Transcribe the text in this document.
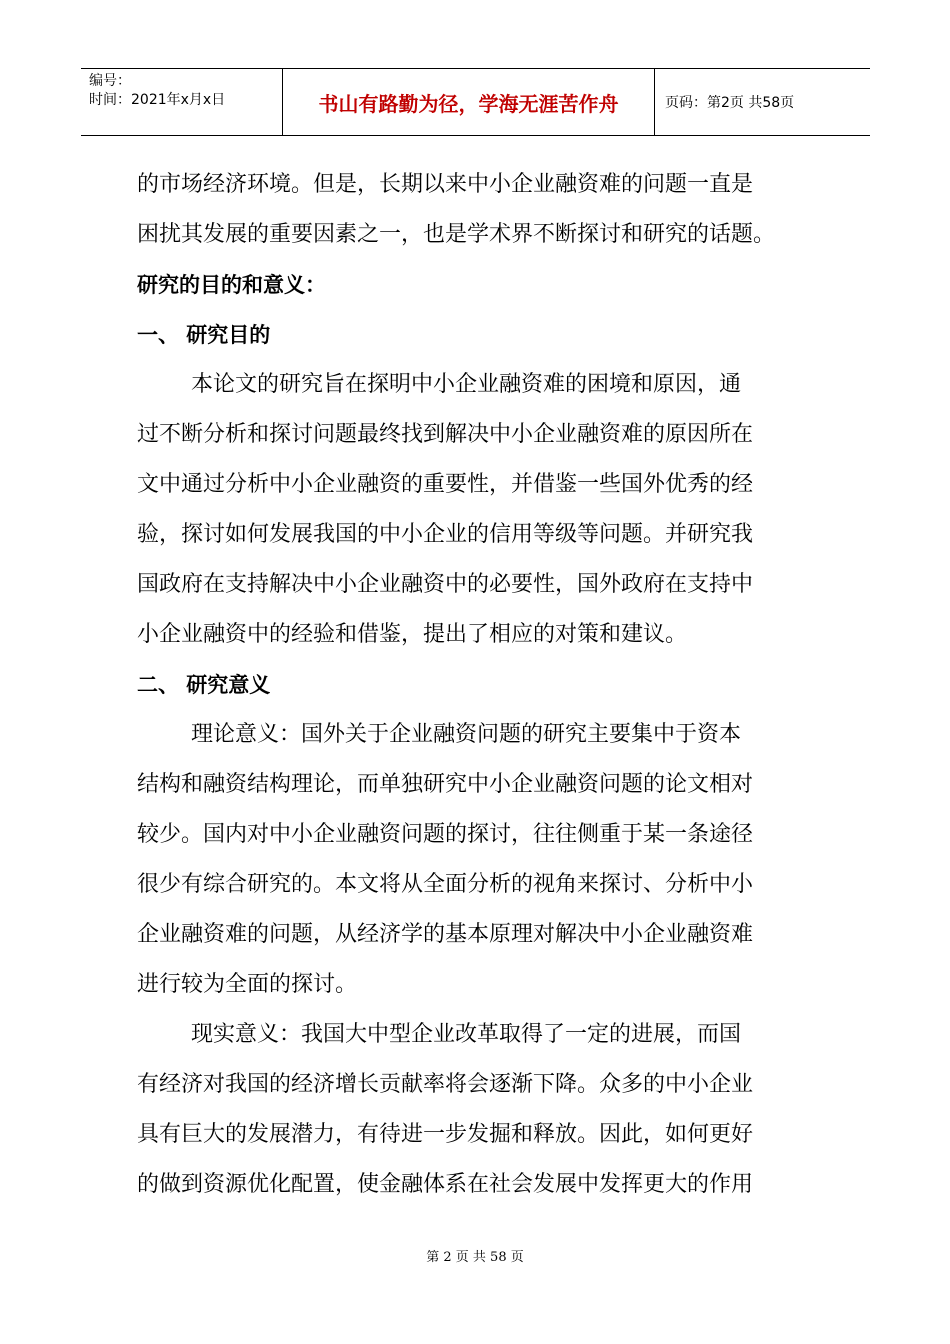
编号：
时间：2021年x月x日	书山有路勤为径，学海无涯苦作舟	页码：第2页 共58页
的市场经济环境。但是，长期以来中小企业融资难的问题一直是
困扰其发展的重要因素之一，也是学术界不断探讨和研究的话题。
研究的目的和意义：
一、 研究目的
本论文的研究旨在探明中小企业融资难的困境和原因，通
过不断分析和探讨问题最终找到解决中小企业融资难的原因所在
文中通过分析中小企业融资的重要性，并借鉴一些国外优秀的经
验，探讨如何发展我国的中小企业的信用等级等问题。并研究我
国政府在支持解决中小企业融资中的必要性，国外政府在支持中
小企业融资中的经验和借鉴，提出了相应的对策和建议。
二、 研究意义
理论意义：国外关于企业融资问题的研究主要集中于资本
结构和融资结构理论，而单独研究中小企业融资问题的论文相对
较少。国内对中小企业融资问题的探讨，往往侧重于某一条途径
很少有综合研究的。本文将从全面分析的视角来探讨、分析中小
企业融资难的问题，从经济学的基本原理对解决中小企业融资难
进行较为全面的探讨。
现实意义：我国大中型企业改革取得了一定的进展，而国
有经济对我国的经济增长贡献率将会逐渐下降。众多的中小企业
具有巨大的发展潜力，有待进一步发掘和释放。因此，如何更好
的做到资源优化配置，使金融体系在社会发展中发挥更大的作用
第 2 页 共 58 页
